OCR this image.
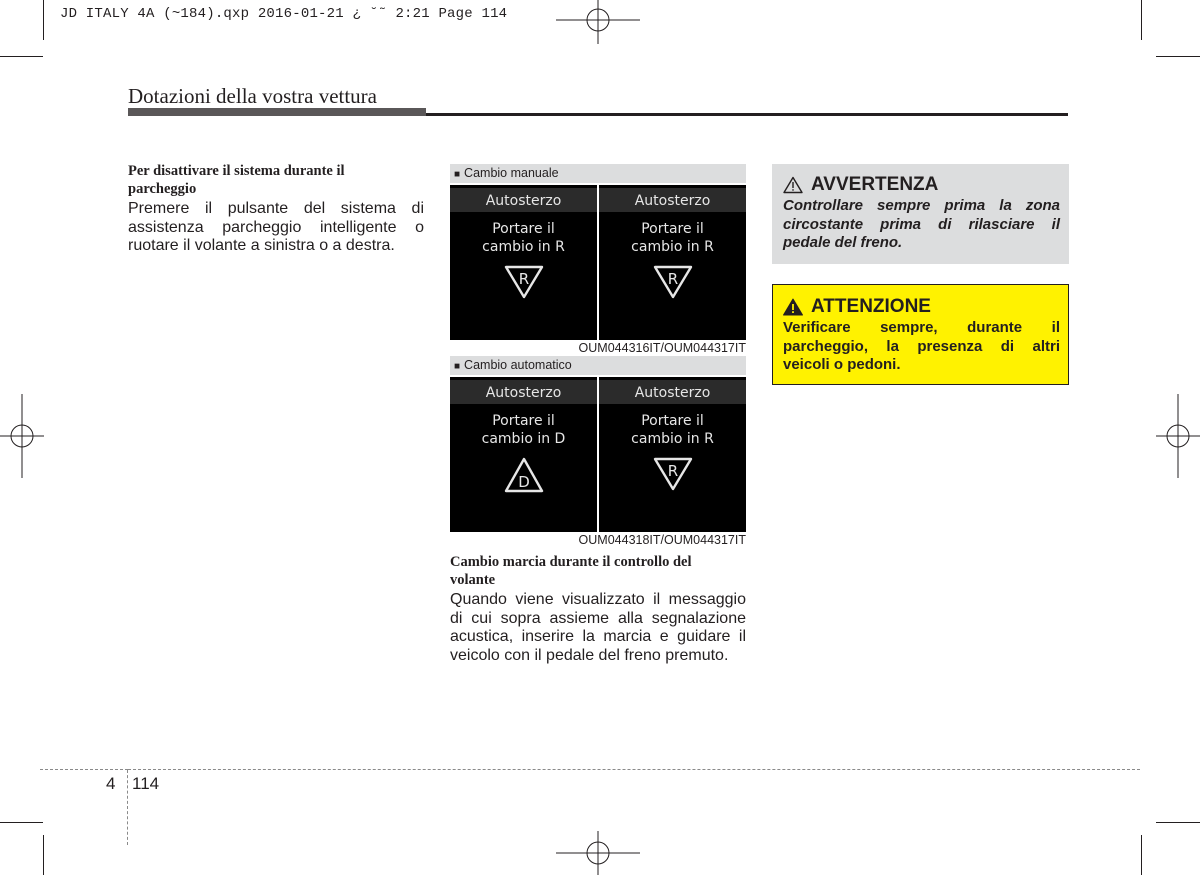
JD ITALY 4A (~184).qxp 2016-01-21 ¿ ˘˜ 2:21 Page 114
Dotazioni della vostra vettura
Per disattivare il sistema durante il parcheggio
Premere il pulsante del sistema di
assistenza parcheggio intelligente o
ruotare il volante a sinistra o a destra.
■ Cambio manuale
Autosterzo
Portare il
cambio in R
R
Autosterzo
Portare il
cambio in R
R
OUM044316IT/OUM044317IT
■ Cambio automatico
Autosterzo
Portare il
cambio in D
D
Autosterzo
Portare il
cambio in R
R
OUM044318IT/OUM044317IT
Cambio marcia durante il controllo del volante
Quando viene visualizzato il messaggio
di cui sopra assieme alla segnalazione
acustica, inserire la marcia e guidare il
veicolo con il pedale del freno premuto.
AVVERTENZA
Controllare sempre prima la zona
circostante prima di rilasciare il
pedale del freno.
ATTENZIONE
Verificare sempre, durante il
parcheggio, la presenza di altri
veicoli o pedoni.
4 114
